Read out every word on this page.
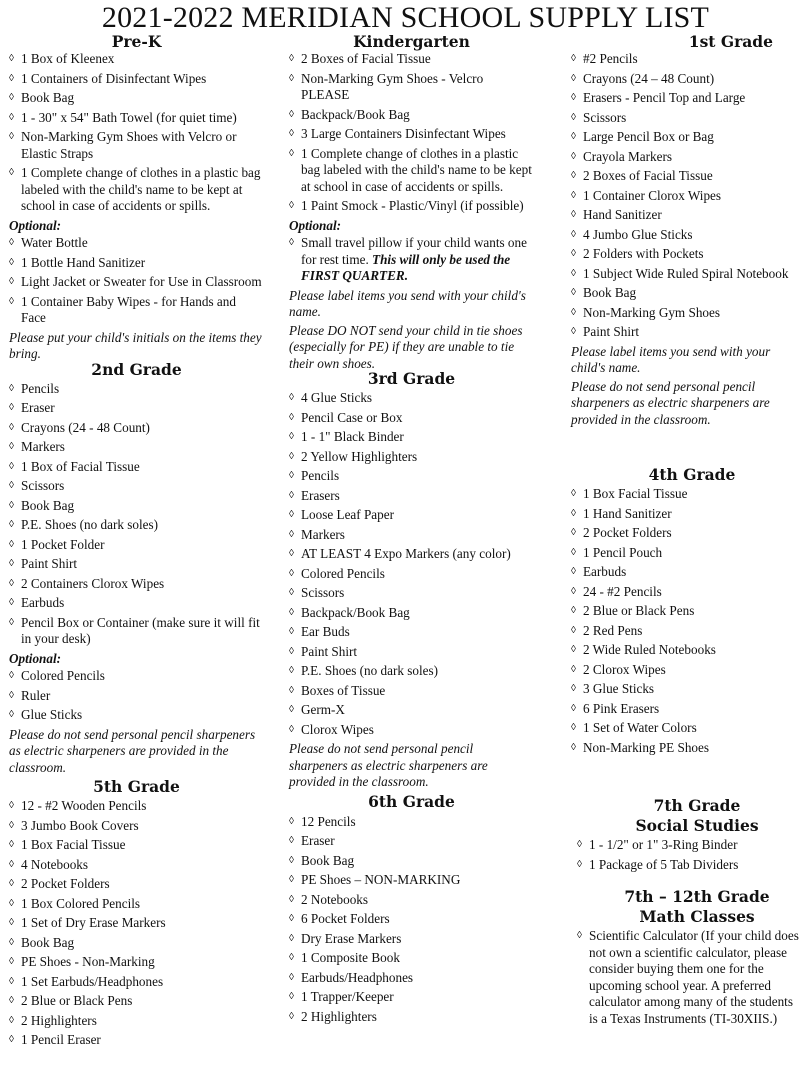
2021-2022 MERIDIAN SCHOOL SUPPLY LIST
Pre-K
◊ 1 Box of Kleenex
◊ 1 Containers of Disinfectant Wipes
◊ Book Bag
◊ 1 - 30" x 54" Bath Towel (for quiet time)
◊ Non-Marking Gym Shoes with Velcro or Elastic Straps
◊ 1 Complete change of clothes in a plastic bag labeled with the child's name to be kept at school in case of accidents or spills.
Optional:
◊ Water Bottle
◊ 1 Bottle Hand Sanitizer
◊ Light Jacket or Sweater for Use in Classroom
◊ 1 Container Baby Wipes - for Hands and Face
Please put your child's initials on the items they bring.
2nd Grade
◊ Pencils
◊ Eraser
◊ Crayons (24 - 48 Count)
◊ Markers
◊ 1 Box of Facial Tissue
◊ Scissors
◊ Book Bag
◊ P.E. Shoes (no dark soles)
◊ 1 Pocket Folder
◊ Paint Shirt
◊ 2 Containers Clorox Wipes
◊ Earbuds
◊ Pencil Box or Container (make sure it will fit in your desk)
Optional:
◊ Colored Pencils
◊ Ruler
◊ Glue Sticks
Please do not send personal pencil sharpeners as electric sharpeners are provided in the classroom.
5th Grade
◊ 12 - #2 Wooden Pencils
◊ 3 Jumbo Book Covers
◊ 1 Box Facial Tissue
◊ 4 Notebooks
◊ 2 Pocket Folders
◊ 1 Box Colored Pencils
◊ 1 Set of Dry Erase Markers
◊ Book Bag
◊ PE Shoes - Non-Marking
◊ 1 Set Earbuds/Headphones
◊ 2 Blue or Black Pens
◊ 2 Highlighters
◊ 1 Pencil Eraser
Kindergarten
◊ 2 Boxes of Facial Tissue
◊ Non-Marking Gym Shoes - Velcro PLEASE
◊ Backpack/Book Bag
◊ 3 Large Containers Disinfectant Wipes
◊ 1 Complete change of clothes in a plastic bag labeled with the child's name to be kept at school in case of accidents or spills.
◊ 1 Paint Smock - Plastic/Vinyl (if possible)
Optional:
◊ Small travel pillow if your child wants one for rest time. This will only be used the FIRST QUARTER.
Please label items you send with your child's name.
Please DO NOT send your child in tie shoes (especially for PE) if they are unable to tie their own shoes.
3rd Grade
◊ 4 Glue Sticks
◊ Pencil Case or Box
◊ 1 - 1" Black Binder
◊ 2 Yellow Highlighters
◊ Pencils
◊ Erasers
◊ Loose Leaf Paper
◊ Markers
◊ AT LEAST 4 Expo Markers (any color)
◊ Colored Pencils
◊ Scissors
◊ Backpack/Book Bag
◊ Ear Buds
◊ Paint Shirt
◊ P.E. Shoes (no dark soles)
◊ Boxes of Tissue
◊ Germ-X
◊ Clorox Wipes
Please do not send personal pencil sharpeners as electric sharpeners are provided in the classroom.
6th Grade
◊ 12 Pencils
◊ Eraser
◊ Book Bag
◊ PE Shoes – NON-MARKING
◊ 2 Notebooks
◊ 6 Pocket Folders
◊ Dry Erase Markers
◊ 1 Composite Book
◊ Earbuds/Headphones
◊ 1 Trapper/Keeper
◊ 2 Highlighters
1st Grade
◊ #2 Pencils
◊ Crayons (24 – 48 Count)
◊ Erasers - Pencil Top and Large
◊ Scissors
◊ Large Pencil Box or Bag
◊ Crayola Markers
◊ 2 Boxes of Facial Tissue
◊ 1 Container Clorox Wipes
◊ Hand Sanitizer
◊ 4 Jumbo Glue Sticks
◊ 2 Folders with Pockets
◊ 1 Subject Wide Ruled Spiral Notebook
◊ Book Bag
◊ Non-Marking Gym Shoes
◊ Paint Shirt
Please label items you send with your child's name.
Please do not send personal pencil sharpeners as electric sharpeners are provided in the classroom.
4th Grade
◊ 1 Box Facial Tissue
◊ 1 Hand Sanitizer
◊ 2 Pocket Folders
◊ 1 Pencil Pouch
◊ Earbuds
◊ 24 - #2 Pencils
◊ 2 Blue or Black Pens
◊ 2 Red Pens
◊ 2 Wide Ruled Notebooks
◊ 2 Clorox Wipes
◊ 3 Glue Sticks
◊ 6 Pink Erasers
◊ 1 Set of Water Colors
◊ Non-Marking PE Shoes
7th Grade
Social Studies
◊ 1 - 1/2" or 1" 3-Ring Binder
◊ 1 Package of 5 Tab Dividers
7th – 12th Grade
Math Classes
◊ Scientific Calculator (If your child does not own a scientific calculator, please consider buying them one for the upcoming school year. A preferred calculator among many of the students is a Texas Instruments (TI-30XIIS.)
